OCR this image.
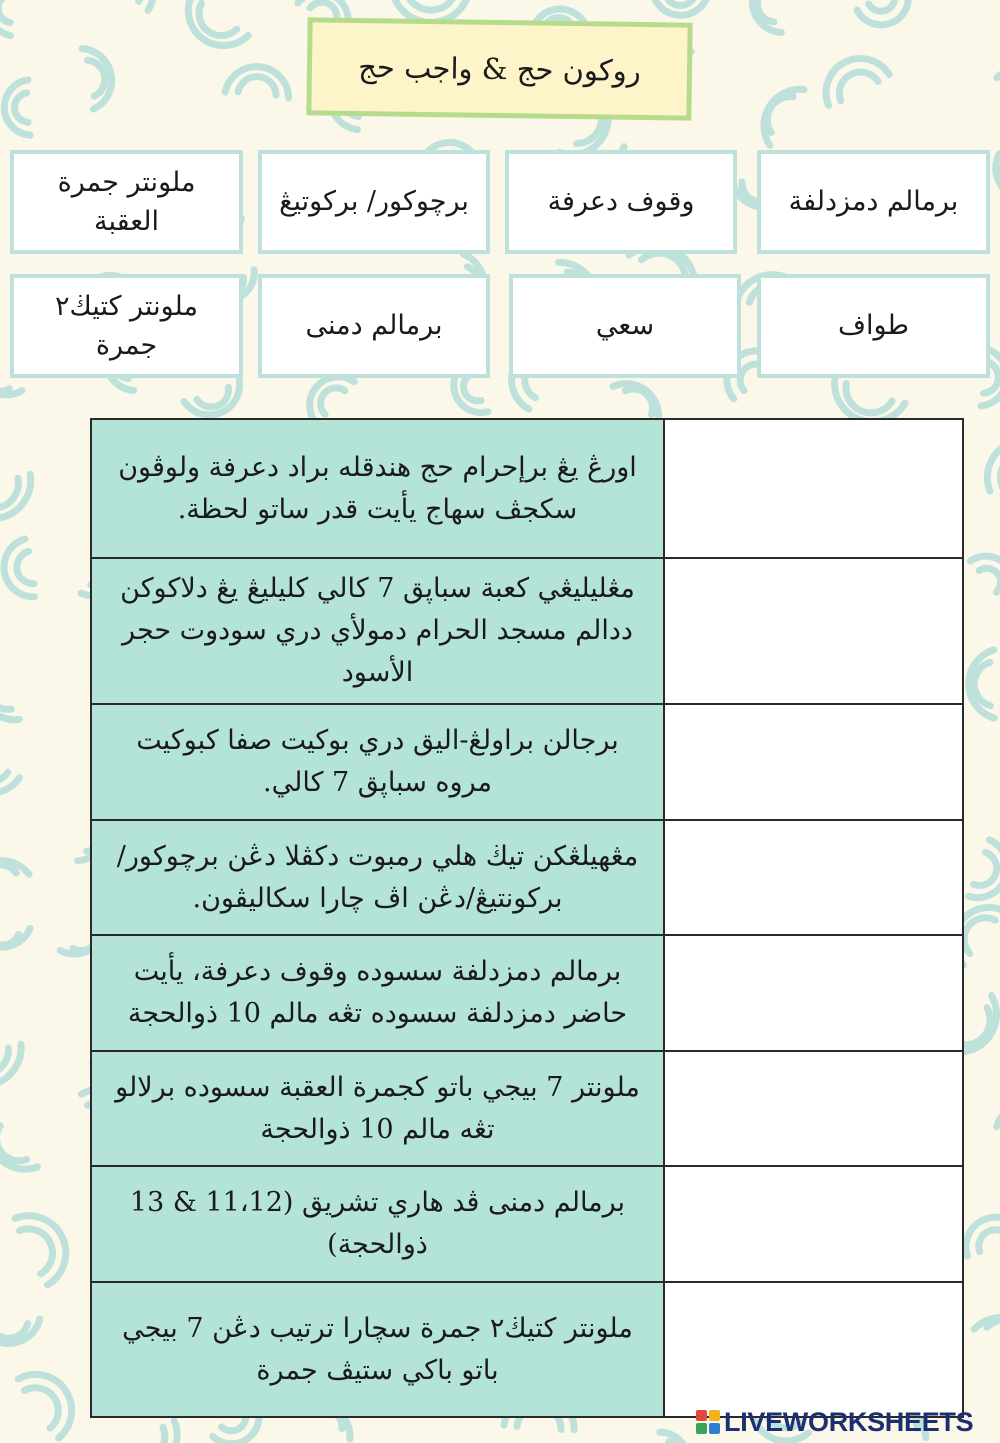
روكون حج & واجب حج
برمالم دمزدلفة
وقوف دعرفة
برچوكور/ بركوتيڠ
ملونتر جمرة العقبة
طواف
سعي
برمالم دمنى
ملونتر كتيڬ٢ جمرة
اورڠ يڠ برإحرام حج هندقله براد دعرفة ولوڤون سكجڤ سهاج يأيت قدر ساتو لحظة.	
مڠليليڠي كعبة سباڽق 7 كالي كليليڠ يڠ دلاكوكن ددالم مسجد الحرام دمولأي دري سودوت حجر الأسود	
برجالن براولڠ-اليق دري بوكيت صفا كبوكيت مروه سباڽق 7 كالي.	
مڠهيلڠكن تيڬ هلي رمبوت دكڤلا دڠن برچوكور/بركونتيڠ/دڠن اڤ چارا سكاليڤون.	
برمالم دمزدلفة سسوده وقوف دعرفة، يأيت حاضر دمزدلفة سسوده تڠه مالم 10 ذوالحجة	
ملونتر 7 بيجي باتو كجمرة العقبة سسوده برلالو تڠه مالم 10 ذوالحجة	
برمالم دمنى ڤد هاري تشريق (11،12 & 13 ذوالحجة)	
ملونتر كتيڬ٢ جمرة سچارا ترتيب دڠن 7 بيجي باتو باكي ستيڤ جمرة	
LIVEWORKSHEETS
